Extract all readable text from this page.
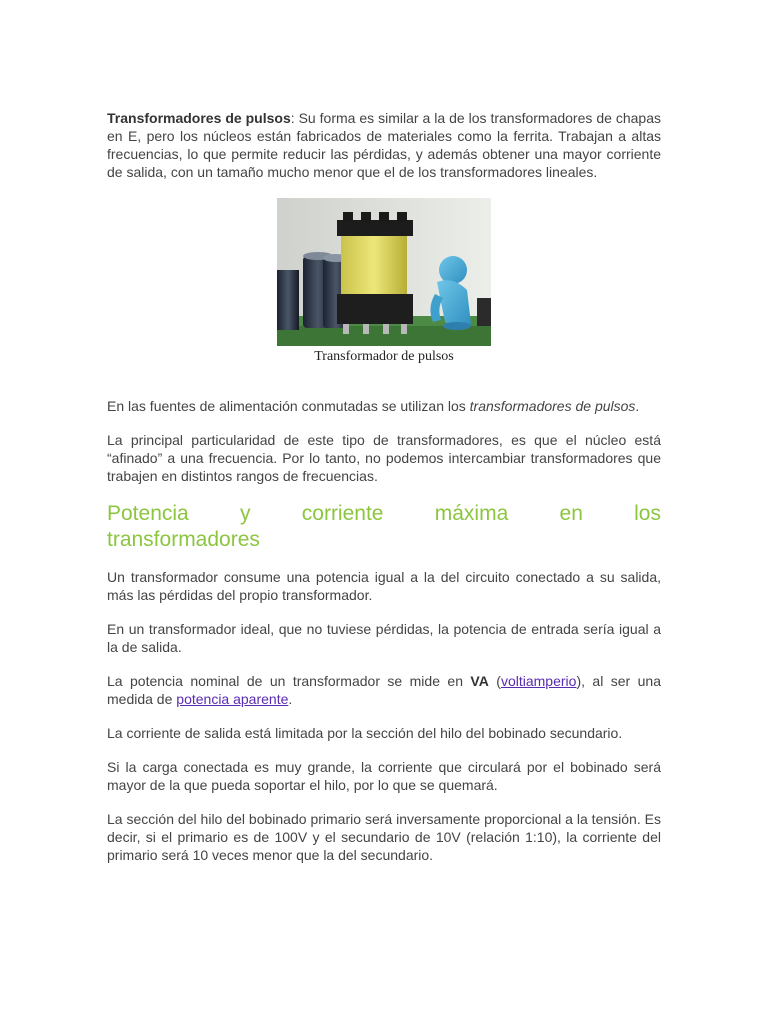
Transformadores de pulsos: Su forma es similar a la de los transformadores de chapas en E, pero los núcleos están fabricados de materiales como la ferrita. Trabajan a altas frecuencias, lo que permite reducir las pérdidas, y además obtener una mayor corriente de salida, con un tamaño mucho menor que el de los transformadores lineales.

Transformador de pulsos

En las fuentes de alimentación conmutadas se utilizan los transformadores de pulsos.

La principal particularidad de este tipo de transformadores, es que el núcleo está “afinado” a una frecuencia. Por lo tanto, no podemos intercambiar transformadores que trabajen en distintos rangos de frecuencias.

Potencia y corriente máxima en los
transformadores

Un transformador consume una potencia igual a la del circuito conectado a su salida, más las pérdidas del propio transformador.

En un transformador ideal, que no tuviese pérdidas, la potencia de entrada sería igual a la de salida.

La potencia nominal de un transformador se mide en VA (voltiamperio), al ser una medida de potencia aparente.

La corriente de salida está limitada por la sección del hilo del bobinado secundario.

Si la carga conectada es muy grande, la corriente que circulará por el bobinado será mayor de la que pueda soportar el hilo, por lo que se quemará.

La sección del hilo del bobinado primario será inversamente proporcional a la tensión. Es decir, si el primario es de 100V y el secundario de 10V (relación 1:10), la corriente del primario será 10 veces menor que la del secundario.
